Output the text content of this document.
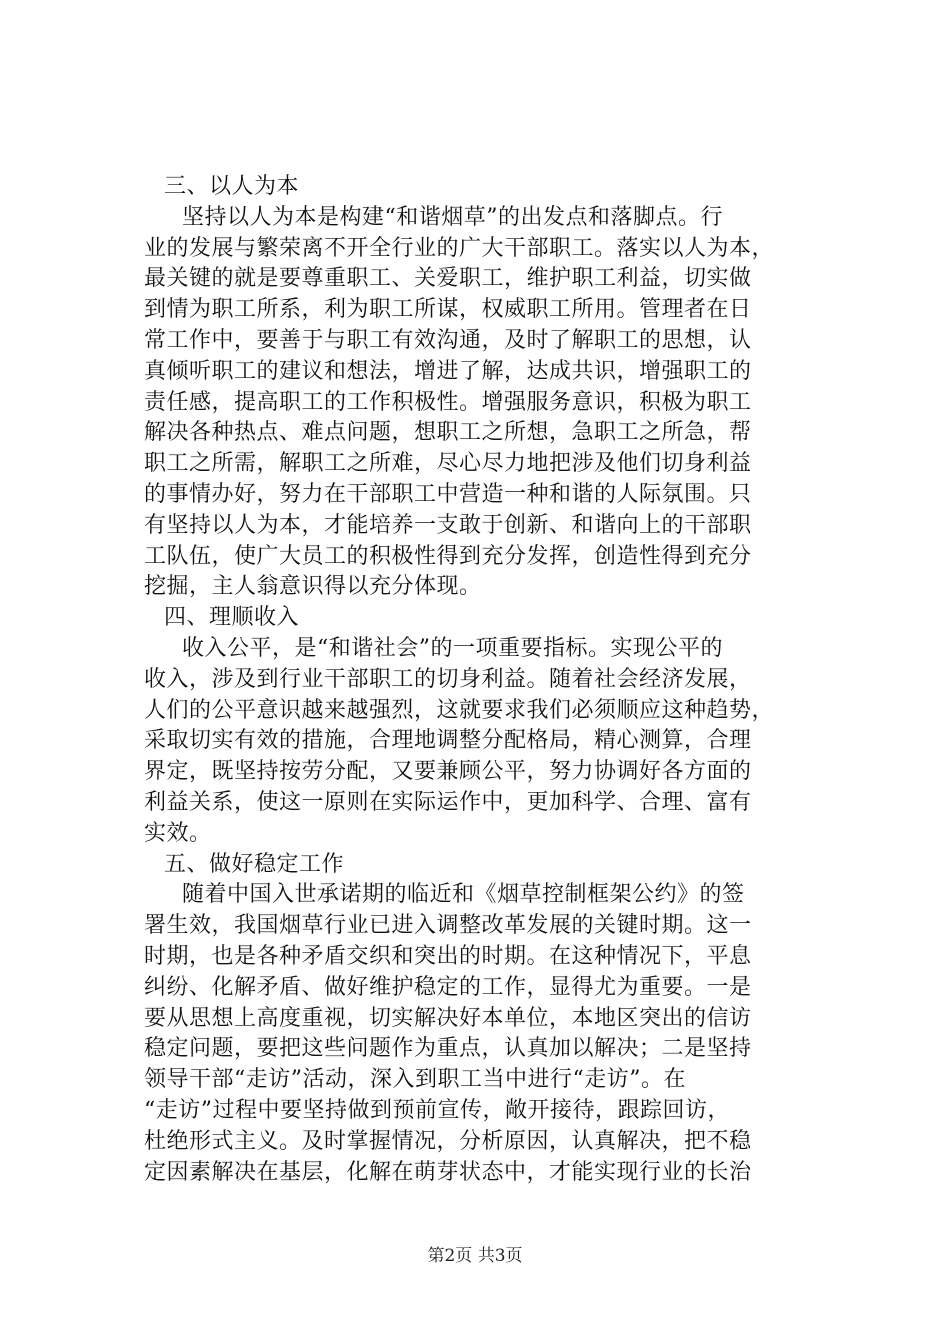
三、以人为本
坚持以人为本是构建“和谐烟草”的出发点和落脚点。行
业的发展与繁荣离不开全行业的广大干部职工。落实以人为本，
最关键的就是要尊重职工、关爱职工，维护职工利益，切实做
到情为职工所系，利为职工所谋，权威职工所用。管理者在日
常工作中，要善于与职工有效沟通，及时了解职工的思想，认
真倾听职工的建议和想法，增进了解，达成共识，增强职工的
责任感，提高职工的工作积极性。增强服务意识，积极为职工
解决各种热点、难点问题，想职工之所想，急职工之所急，帮
职工之所需，解职工之所难，尽心尽力地把涉及他们切身利益
的事情办好，努力在干部职工中营造一种和谐的人际氛围。只
有坚持以人为本，才能培养一支敢于创新、和谐向上的干部职
工队伍，使广大员工的积极性得到充分发挥，创造性得到充分
挖掘，主人翁意识得以充分体现。
四、理顺收入
收入公平，是“和谐社会”的一项重要指标。实现公平的
收入，涉及到行业干部职工的切身利益。随着社会经济发展，
人们的公平意识越来越强烈，这就要求我们必须顺应这种趋势，
采取切实有效的措施，合理地调整分配格局，精心测算，合理
界定，既坚持按劳分配，又要兼顾公平，努力协调好各方面的
利益关系，使这一原则在实际运作中，更加科学、合理、富有
实效。
五、做好稳定工作
随着中国入世承诺期的临近和《烟草控制框架公约》的签
署生效，我国烟草行业已进入调整改革发展的关键时期。这一
时期，也是各种矛盾交织和突出的时期。在这种情况下，平息
纠纷、化解矛盾、做好维护稳定的工作，显得尤为重要。一是
要从思想上高度重视，切实解决好本单位，本地区突出的信访
稳定问题，要把这些问题作为重点，认真加以解决；二是坚持
领导干部“走访”活动，深入到职工当中进行“走访”。在
“走访”过程中要坚持做到预前宣传，敞开接待，跟踪回访，
杜绝形式主义。及时掌握情况，分析原因，认真解决，把不稳
定因素解决在基层，化解在萌芽状态中，才能实现行业的长治
第2页 共3页
